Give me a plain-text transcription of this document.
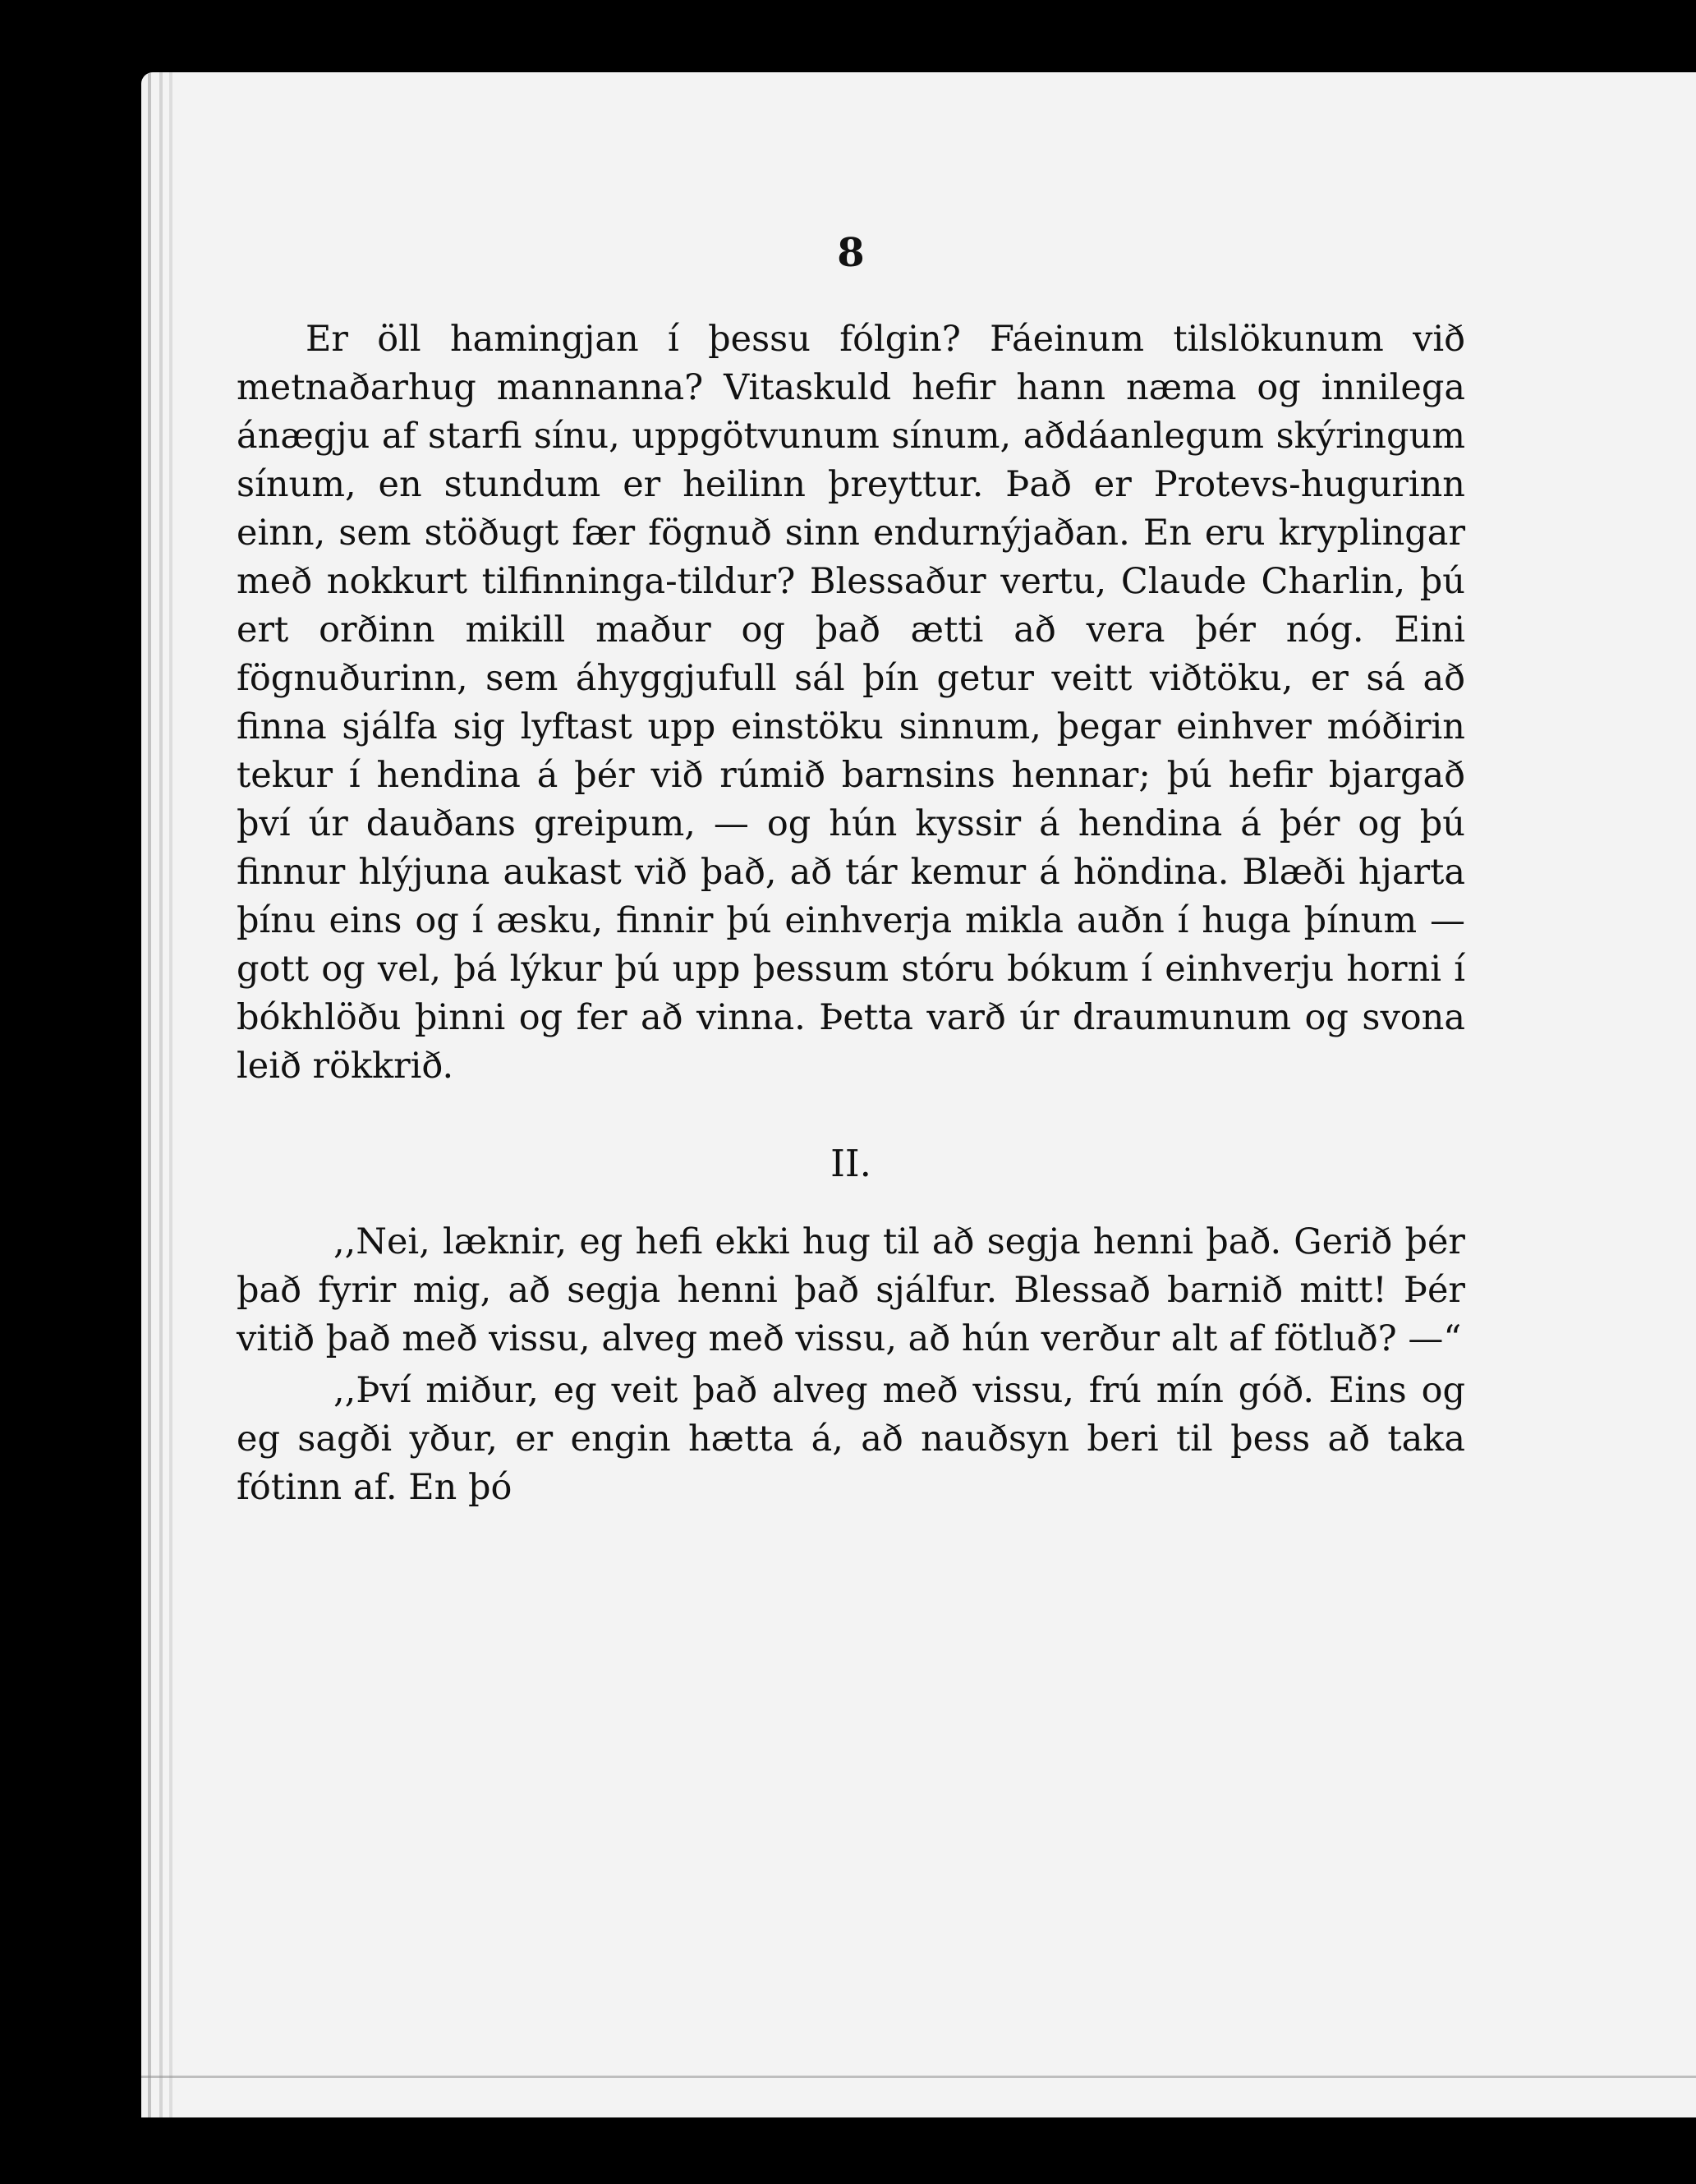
8

Er öll hamingjan í þessu fólgin? Fáeinum tilslökunum við metnaðarhug mannanna? Vitaskuld hefir hann næma og innilega ánægju af starfi sínu, uppgötvunum sínum, aðdáanlegum skýringum sínum, en stundum er heilinn þreyttur. Það er Protevs-hugurinn einn, sem stöðugt fær fögnuð sinn endurnýjaðan. En eru kryplingar með nokkurt tilfinninga-tildur? Blessaður vertu, Claude Charlin, þú ert orðinn mikill maður og það ætti að vera þér nóg. Eini fögnuðurinn, sem áhyggjufull sál þín getur veitt viðtöku, er sá að finna sjálfa sig lyftast upp einstöku sinnum, þegar einhver móðirin tekur í hendina á þér við rúmið barnsins hennar; þú hefir bjargað því úr dauðans greipum, — og hún kyssir á hendina á þér og þú finnur hlýjuna aukast við það, að tár kemur á höndina. Blæði hjarta þínu eins og í æsku, finnir þú einhverja mikla auðn í huga þínum — gott og vel, þá lýkur þú upp þessum stóru bókum í einhverju horni í bókhlöðu þinni og fer að vinna. Þetta varð úr draumunum og svona leið rökkrið.

II.

,,Nei, læknir, eg hefi ekki hug til að segja henni það. Gerið þér það fyrir mig, að segja henni það sjálfur. Blessað barnið mitt! Þér vitið það með vissu, alveg með vissu, að hún verður alt af fötluð? —“

,,Því miður, eg veit það alveg með vissu, frú mín góð. Eins og eg sagði yður, er engin hætta á, að nauðsyn beri til þess að taka fótinn af. En þó
